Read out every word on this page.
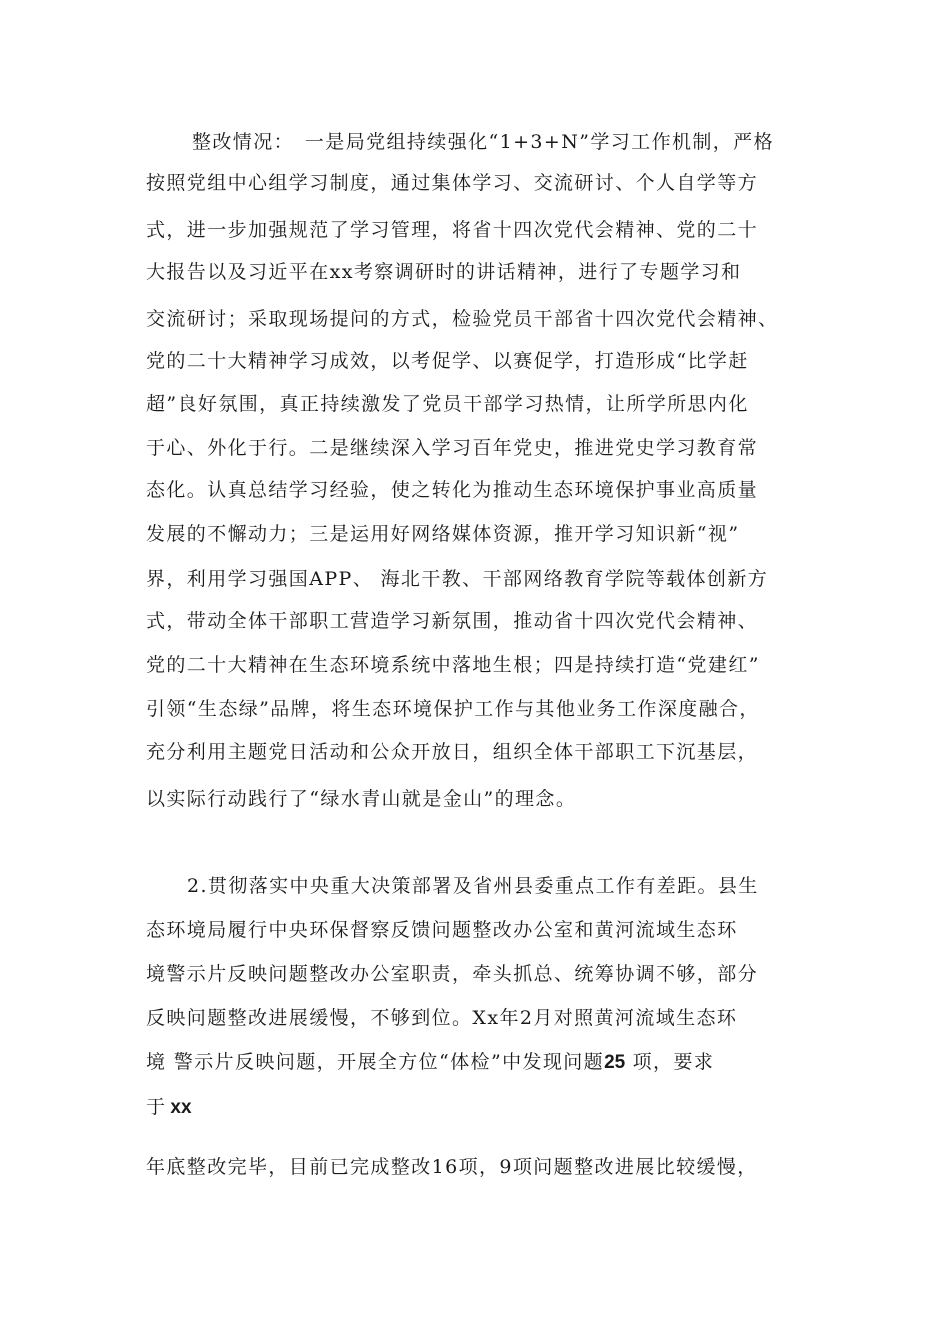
整改情况：　一是局党组持续强化“1+3+N”学习工作机制，严格
按照党组中心组学习制度，通过集体学习、交流研讨、个人自学等方
式，进一步加强规范了学习管理，将省十四次党代会精神、党的二十
大报告以及习近平在xx考察调研时的讲话精神，进行了专题学习和
交流研讨；采取现场提问的方式，检验党员干部省十四次党代会精神、
党的二十大精神学习成效，以考促学、以赛促学，打造形成“比学赶
超”良好氛围，真正持续激发了党员干部学习热情，让所学所思内化
于心、外化于行。二是继续深入学习百年党史，推进党史学习教育常
态化。认真总结学习经验，使之转化为推动生态环境保护事业高质量
发展的不懈动力；三是运用好网络媒体资源，推开学习知识新“视”
界，利用学习强国APP、 海北干教、干部网络教育学院等载体创新方
式，带动全体干部职工营造学习新氛围，推动省十四次党代会精神、
党的二十大精神在生态环境系统中落地生根；四是持续打造“党建红”
引领“生态绿”品牌，将生态环境保护工作与其他业务工作深度融合，
充分利用主题党日活动和公众开放日，组织全体干部职工下沉基层，
以实际行动践行了“绿水青山就是金山”的理念。
2.贯彻落实中央重大决策部署及省州县委重点工作有差距。县生
态环境局履行中央环保督察反馈问题整改办公室和黄河流域生态环
境警示片反映问题整改办公室职责，牵头抓总、统筹协调不够，部分
反映问题整改进展缓慢，不够到位。Xx年2月对照黄河流域生态环
境 警示片反映问题，开展全方位“体检”中发现问题25 项，要求
于 xx
年底整改完毕，目前已完成整改16项，9项问题整改进展比较缓慢，
